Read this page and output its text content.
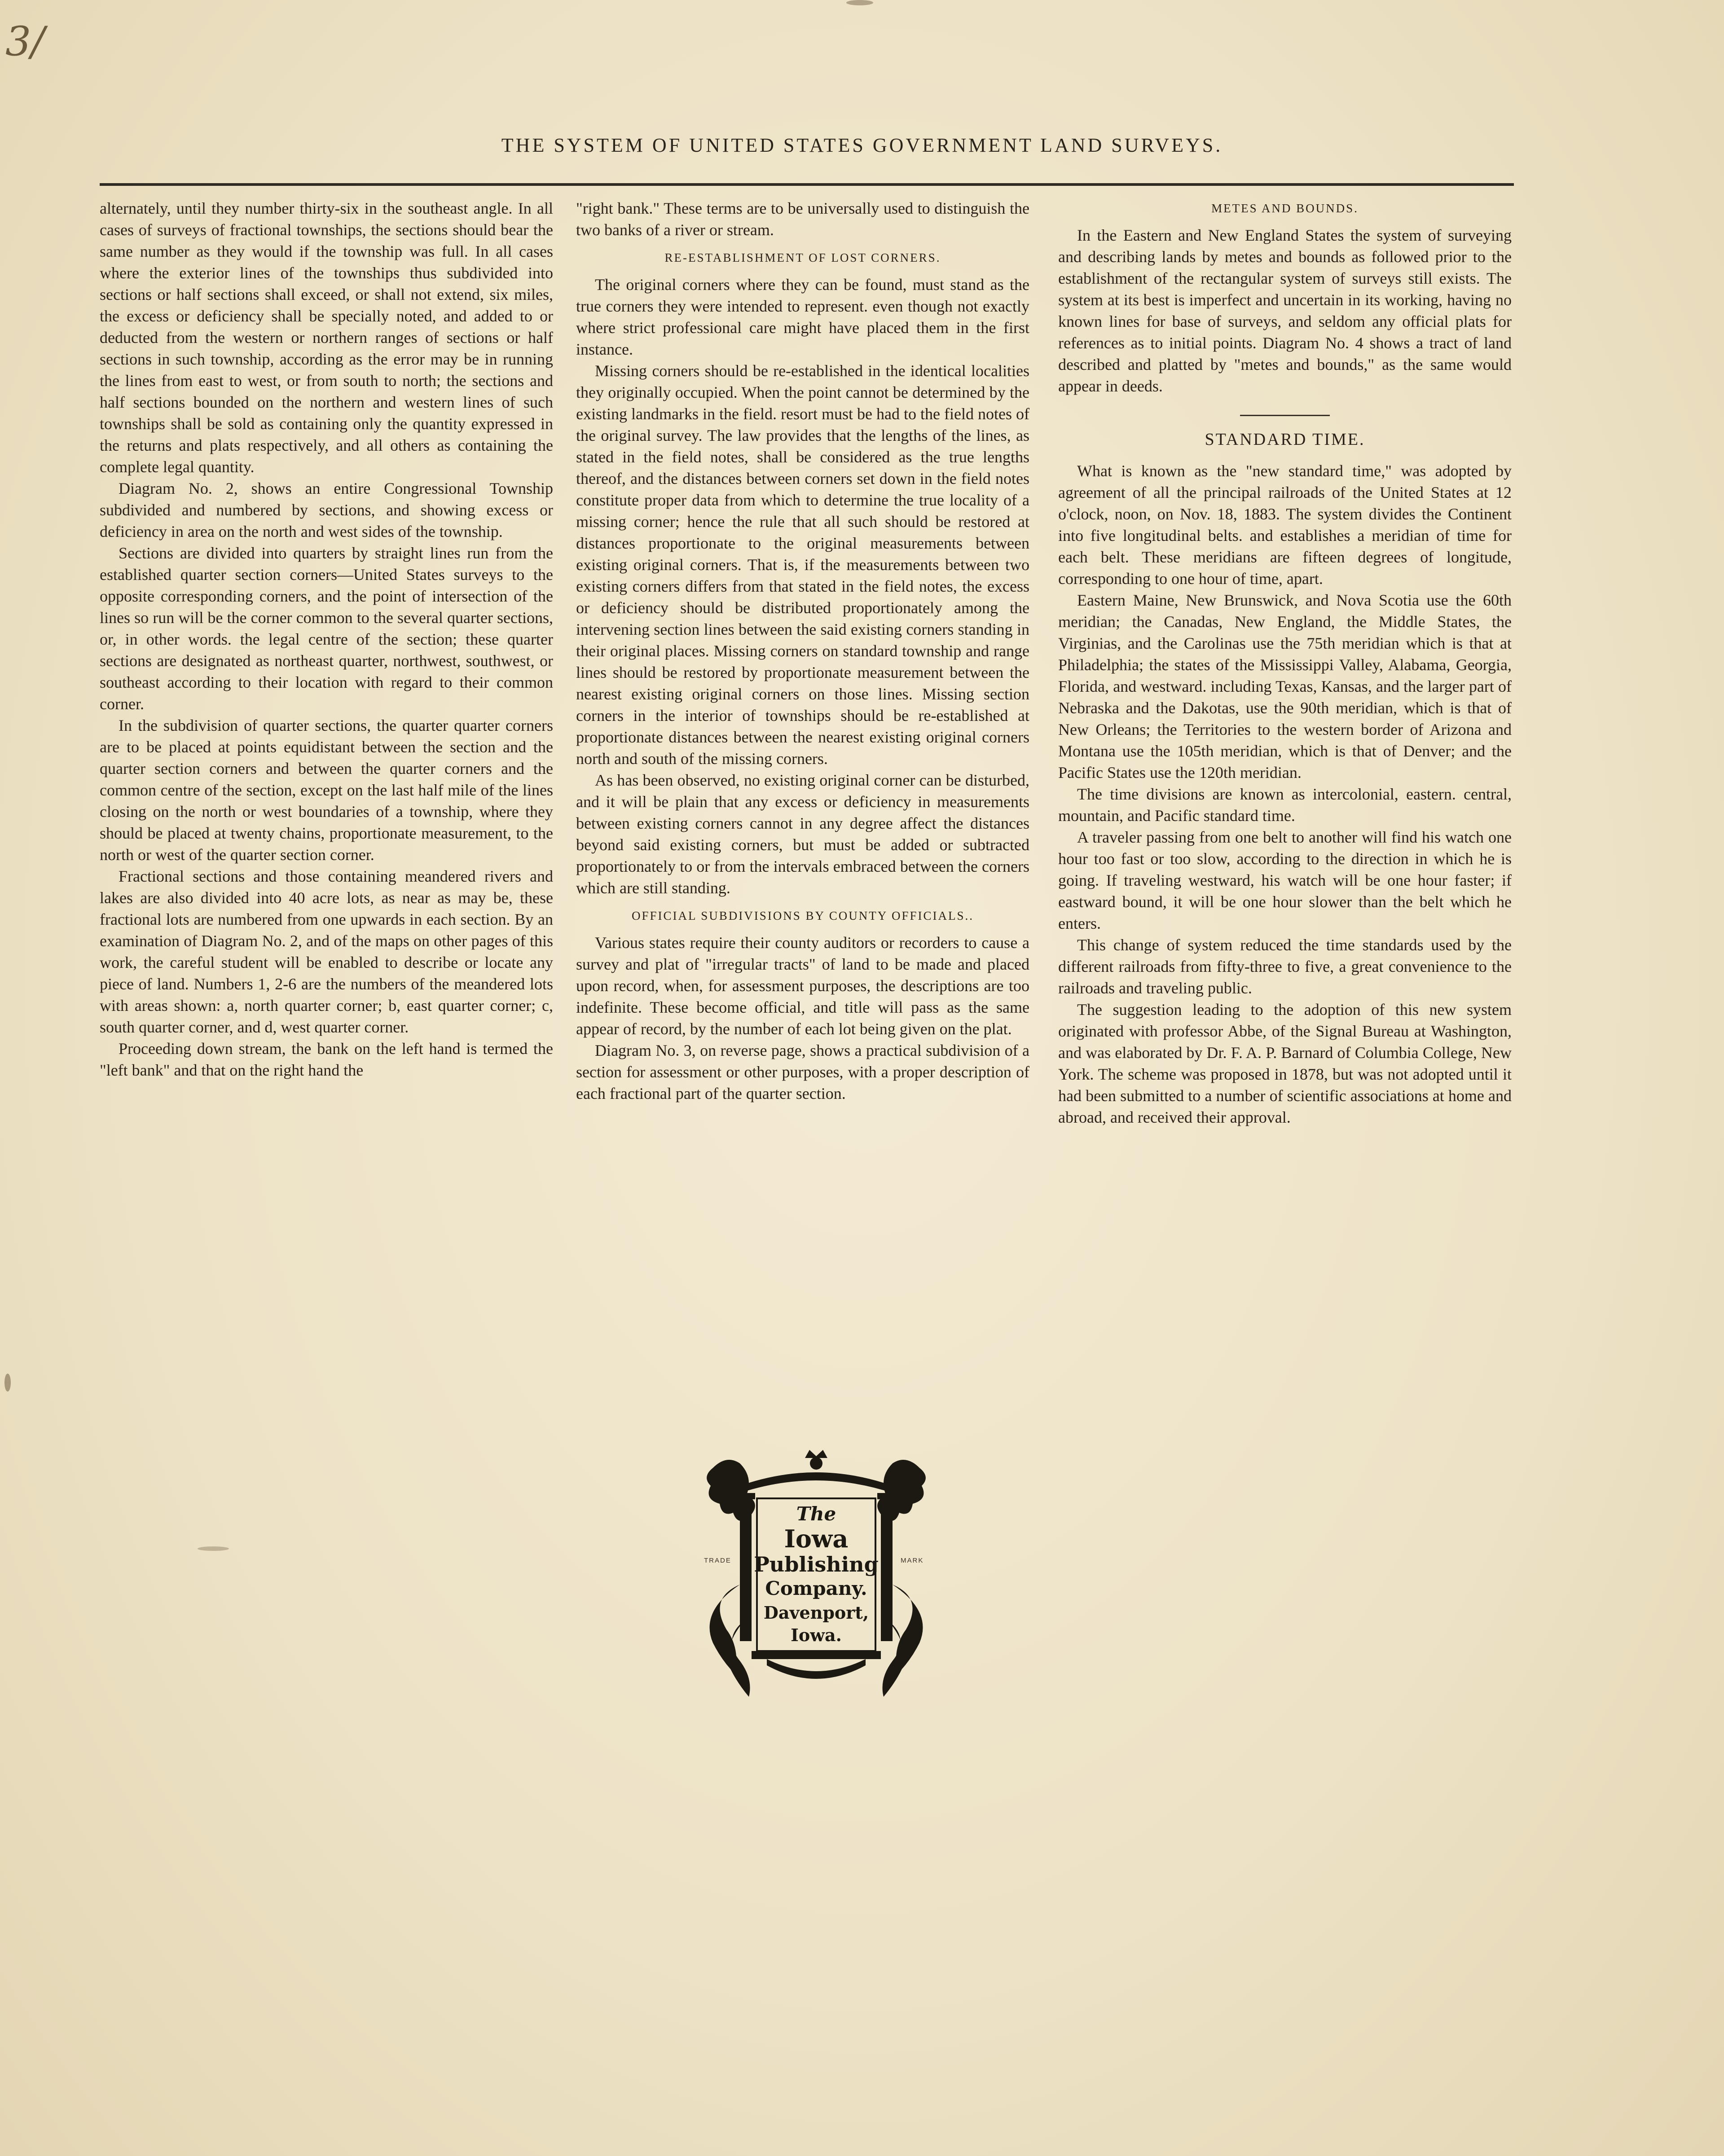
3/
THE SYSTEM OF UNITED STATES GOVERNMENT LAND SURVEYS.

alternately, until they number thirty-six in the southeast angle. In all cases of surveys of fractional townships, the sections should bear the same number as they would if the township was full. In all cases where the exterior lines of the townships thus subdivided into sections or half sections shall exceed, or shall not extend, six miles, the excess or deficiency shall be specially noted, and added to or deducted from the western or northern ranges of sections or half sections in such township, according as the error may be in running the lines from east to west, or from south to north; the sections and half sections bounded on the northern and western lines of such townships shall be sold as containing only the quantity expressed in the returns and plats respectively, and all others as containing the complete legal quantity.

Diagram No. 2, shows an entire Congressional Township subdivided and numbered by sections, and showing excess or deficiency in area on the north and west sides of the township.

Sections are divided into quarters by straight lines run from the established quarter section corners—United States surveys to the opposite corresponding corners, and the point of intersection of the lines so run will be the corner common to the several quarter sections, or, in other words. the legal centre of the section; these quarter sections are designated as northeast quarter, northwest, southwest, or southeast according to their location with regard to their common corner.

In the subdivision of quarter sections, the quarter quarter corners are to be placed at points equidistant between the section and the quarter section corners and between the quarter corners and the common centre of the section, except on the last half mile of the lines closing on the north or west boundaries of a township, where they should be placed at twenty chains, proportionate measurement, to the north or west of the quarter section corner.

Fractional sections and those containing meandered rivers and lakes are also divided into 40 acre lots, as near as may be, these fractional lots are numbered from one upwards in each section. By an examination of Diagram No. 2, and of the maps on other pages of this work, the careful student will be enabled to describe or locate any piece of land. Numbers 1, 2-6 are the numbers of the meandered lots with areas shown: a, north quarter corner; b, east quarter corner; c, south quarter corner, and d, west quarter corner.

Proceeding down stream, the bank on the left hand is termed the "left bank" and that on the right hand the

"right bank." These terms are to be universally used to distinguish the two banks of a river or stream.

RE-ESTABLISHMENT OF LOST CORNERS.

The original corners where they can be found, must stand as the true corners they were intended to represent. even though not exactly where strict professional care might have placed them in the first instance.

Missing corners should be re-established in the identical localities they originally occupied. When the point cannot be determined by the existing landmarks in the field. resort must be had to the field notes of the original survey. The law provides that the lengths of the lines, as stated in the field notes, shall be considered as the true lengths thereof, and the distances between corners set down in the field notes constitute proper data from which to determine the true locality of a missing corner; hence the rule that all such should be restored at distances proportionate to the original measurements between existing original corners. That is, if the measurements between two existing corners differs from that stated in the field notes, the excess or deficiency should be distributed proportionately among the intervening section lines between the said existing corners standing in their original places. Missing corners on standard township and range lines should be restored by proportionate measurement between the nearest existing original corners on those lines. Missing section corners in the interior of townships should be re-established at proportionate distances between the nearest existing original corners north and south of the missing corners.

As has been observed, no existing original corner can be disturbed, and it will be plain that any excess or deficiency in measurements between existing corners cannot in any degree affect the distances beyond said existing corners, but must be added or subtracted proportionately to or from the intervals embraced between the corners which are still standing.

OFFICIAL SUBDIVISIONS BY COUNTY OFFICIALS..

Various states require their county auditors or recorders to cause a survey and plat of "irregular tracts" of land to be made and placed upon record, when, for assessment purposes, the descriptions are too indefinite. These become official, and title will pass as the same appear of record, by the number of each lot being given on the plat.

Diagram No. 3, on reverse page, shows a practical subdivision of a section for assessment or other purposes, with a proper description of each fractional part of the quarter section.

METES AND BOUNDS.

In the Eastern and New England States the system of surveying and describing lands by metes and bounds as followed prior to the establishment of the rectangular system of surveys still exists. The system at its best is imperfect and uncertain in its working, having no known lines for base of surveys, and seldom any official plats for references as to initial points. Diagram No. 4 shows a tract of land described and platted by "metes and bounds," as the same would appear in deeds.

STANDARD TIME.

What is known as the "new standard time," was adopted by agreement of all the principal railroads of the United States at 12 o'clock, noon, on Nov. 18, 1883. The system divides the Continent into five longitudinal belts. and establishes a meridian of time for each belt. These meridians are fifteen degrees of longitude, corresponding to one hour of time, apart.

Eastern Maine, New Brunswick, and Nova Scotia use the 60th meridian; the Canadas, New England, the Middle States, the Virginias, and the Carolinas use the 75th meridian which is that at Philadelphia; the states of the Mississippi Valley, Alabama, Georgia, Florida, and westward. including Texas, Kansas, and the larger part of Nebraska and the Dakotas, use the 90th meridian, which is that of New Orleans; the Territories to the western border of Arizona and Montana use the 105th meridian, which is that of Denver; and the Pacific States use the 120th meridian.

The time divisions are known as intercolonial, eastern. central, mountain, and Pacific standard time.

A traveler passing from one belt to another will find his watch one hour too fast or too slow, according to the direction in which he is going. If traveling westward, his watch will be one hour faster; if eastward bound, it will be one hour slower than the belt which he enters.

This change of system reduced the time standards used by the different railroads from fifty-three to five, a great convenience to the railroads and traveling public.

The suggestion leading to the adoption of this new system originated with professor Abbe, of the Signal Bureau at Washington, and was elaborated by Dr. F. A. P. Barnard of Columbia College, New York. The scheme was proposed in 1878, but was not adopted until it had been submitted to a number of scientific associations at home and abroad, and received their approval.

TRADE	MARK
The
Iowa
Publishing
Company.
Davenport,
Iowa.
